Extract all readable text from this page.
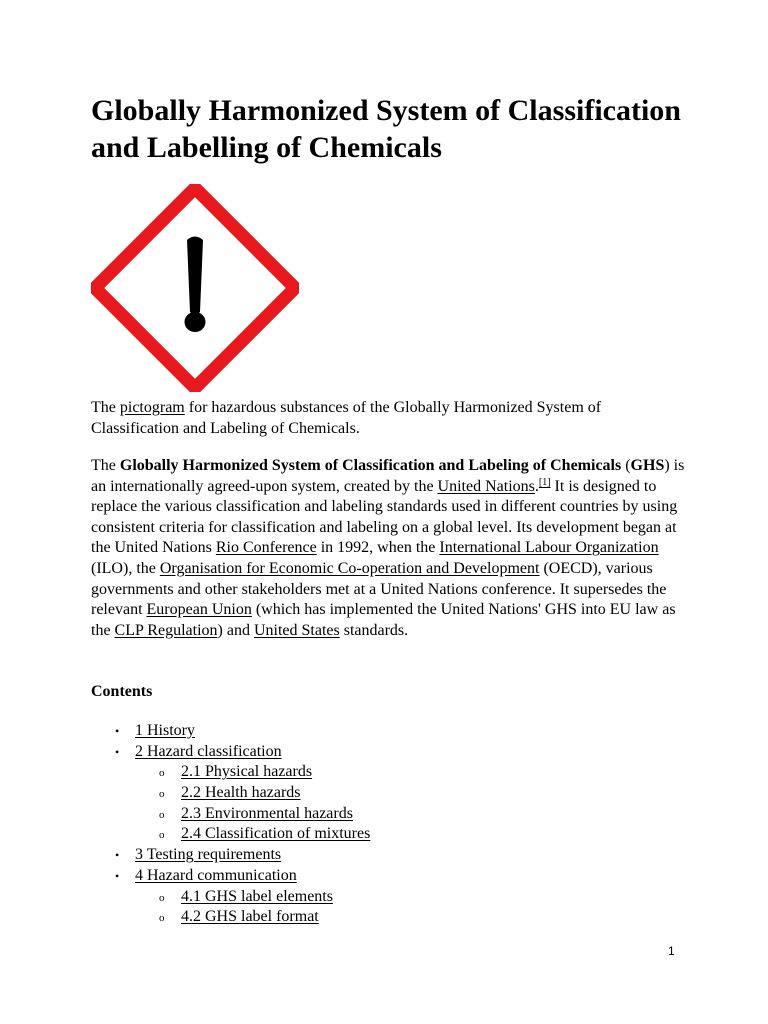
Globally Harmonized System of Classification and Labelling of Chemicals

The pictogram for hazardous substances of the Globally Harmonized System of Classification and Labeling of Chemicals.

The Globally Harmonized System of Classification and Labeling of Chemicals (GHS) is an internationally agreed-upon system, created by the United Nations.[1] It is designed to replace the various classification and labeling standards used in different countries by using consistent criteria for classification and labeling on a global level. Its development began at the United Nations Rio Conference in 1992, when the International Labour Organization (ILO), the Organisation for Economic Co-operation and Development (OECD), various governments and other stakeholders met at a United Nations conference. It supersedes the relevant European Union (which has implemented the United Nations' GHS into EU law as the CLP Regulation) and United States standards.

Contents
• 1 History
• 2 Hazard classification
o 2.1 Physical hazards
o 2.2 Health hazards
o 2.3 Environmental hazards
o 2.4 Classification of mixtures
• 3 Testing requirements
• 4 Hazard communication
o 4.1 GHS label elements
o 4.2 GHS label format
1
